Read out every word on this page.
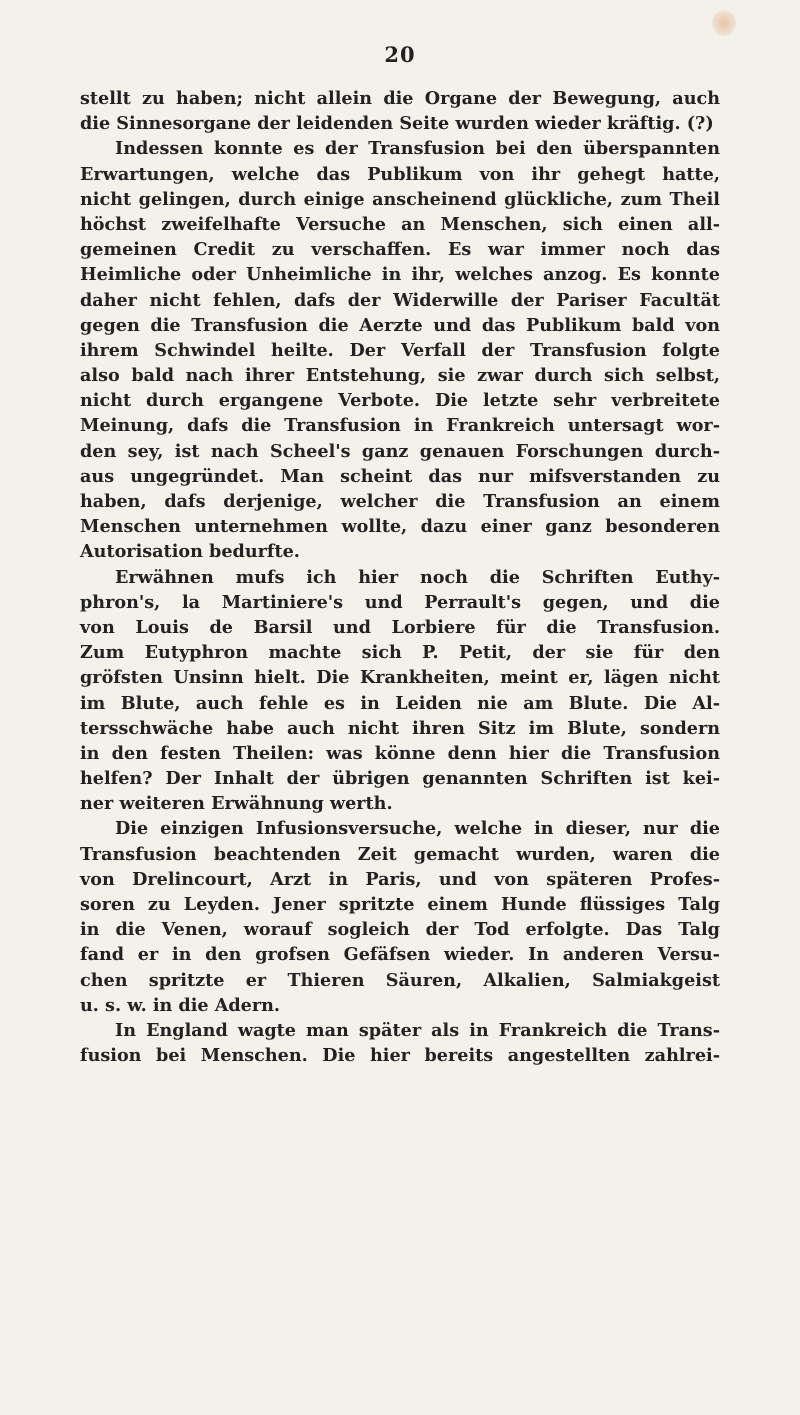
20
stellt zu haben; nicht allein die Organe der Bewegung, auch
die Sinnesorgane der leidenden Seite wurden wieder kräftig. (?)
Indessen konnte es der Transfusion bei den überspannten
Erwartungen, welche das Publikum von ihr gehegt hatte,
nicht gelingen, durch einige anscheinend glückliche, zum Theil
höchst zweifelhafte Versuche an Menschen, sich einen all-
gemeinen Credit zu verschaffen. Es war immer noch das
Heimliche oder Unheimliche in ihr, welches anzog. Es konnte
daher nicht fehlen, dafs der Widerwille der Pariser Facultät
gegen die Transfusion die Aerzte und das Publikum bald von
ihrem Schwindel heilte. Der Verfall der Transfusion folgte
also bald nach ihrer Entstehung, sie zwar durch sich selbst,
nicht durch ergangene Verbote. Die letzte sehr verbreitete
Meinung, dafs die Transfusion in Frankreich untersagt wor-
den sey, ist nach Scheel's ganz genauen Forschungen durch-
aus ungegründet. Man scheint das nur mifsverstanden zu
haben, dafs derjenige, welcher die Transfusion an einem
Menschen unternehmen wollte, dazu einer ganz besonderen
Autorisation bedurfte.
Erwähnen mufs ich hier noch die Schriften Euthy-
phron's, la Martiniere's und Perrault's gegen, und die
von Louis de Barsil und Lorbiere für die Transfusion.
Zum Eutyphron machte sich P. Petit, der sie für den
gröfsten Unsinn hielt. Die Krankheiten, meint er, lägen nicht
im Blute, auch fehle es in Leiden nie am Blute. Die Al-
tersschwäche habe auch nicht ihren Sitz im Blute, sondern
in den festen Theilen: was könne denn hier die Transfusion
helfen? Der Inhalt der übrigen genannten Schriften ist kei-
ner weiteren Erwähnung werth.
Die einzigen Infusionsversuche, welche in dieser, nur die
Transfusion beachtenden Zeit gemacht wurden, waren die
von Drelincourt, Arzt in Paris, und von späteren Profes-
soren zu Leyden. Jener spritzte einem Hunde flüssiges Talg
in die Venen, worauf sogleich der Tod erfolgte. Das Talg
fand er in den grofsen Gefäfsen wieder. In anderen Versu-
chen spritzte er Thieren Säuren, Alkalien, Salmiakgeist
u. s. w. in die Adern.
In England wagte man später als in Frankreich die Trans-
fusion bei Menschen. Die hier bereits angestellten zahlrei-
